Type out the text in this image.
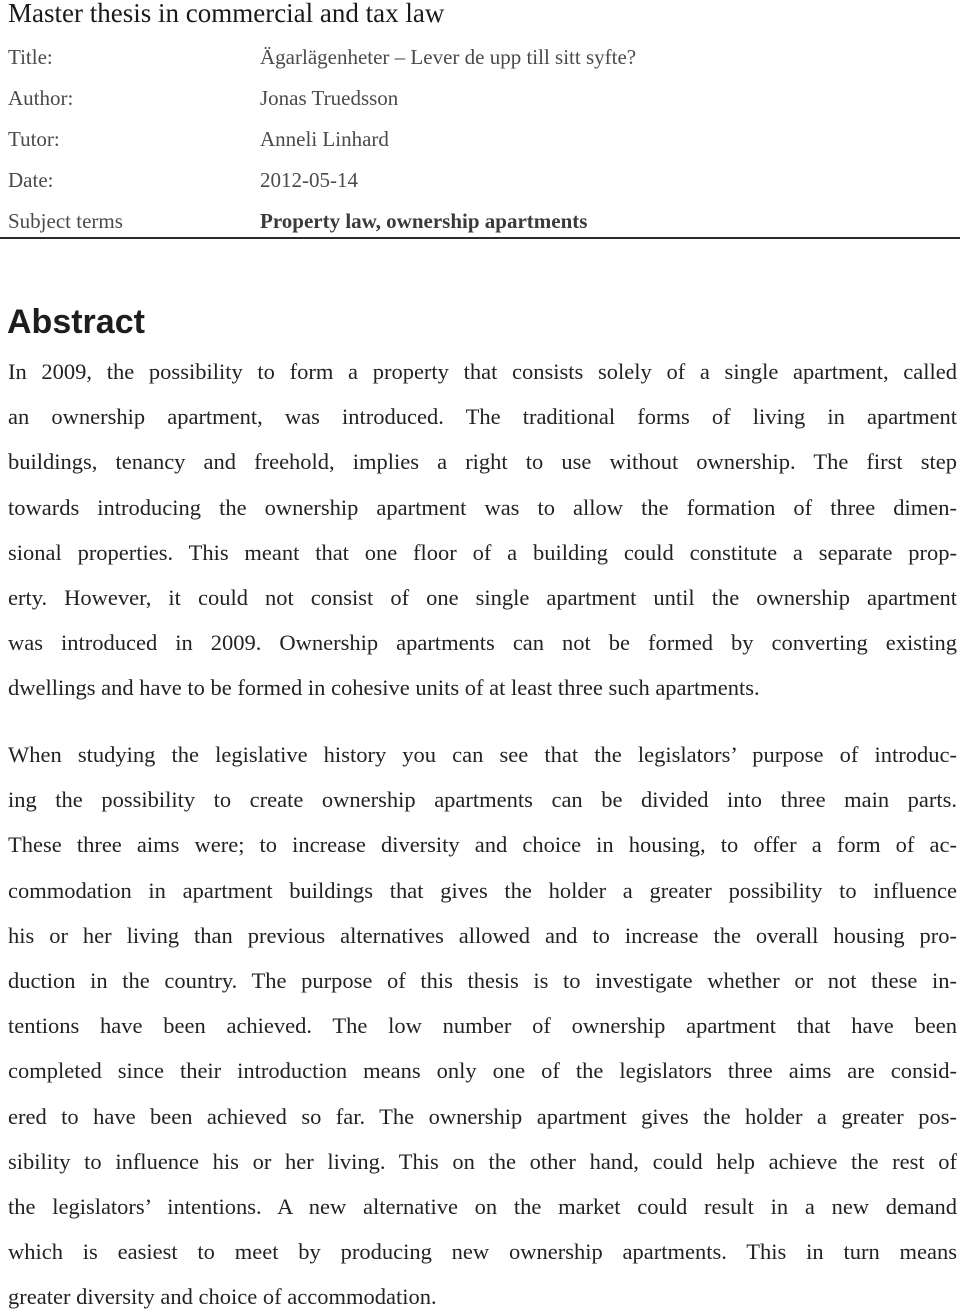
Master thesis in commercial and tax law
Title:	Ägarlägenheter – Lever de upp till sitt syfte?
Author:	Jonas Truedsson
Tutor:	Anneli Linhard
Date:	2012-05-14
Subject terms	Property law, ownership apartments
Abstract
In 2009, the possibility to form a property that consists solely of a single apartment, called
an ownership apartment, was introduced. The traditional forms of living in apartment
buildings, tenancy and freehold, implies a right to use without ownership. The first step
towards introducing the ownership apartment was to allow the formation of three dimen-
sional properties. This meant that one floor of a building could constitute a separate prop-
erty. However, it could not consist of one single apartment until the ownership apartment
was introduced in 2009. Ownership apartments can not be formed by converting existing
dwellings and have to be formed in cohesive units of at least three such apartments.
When studying the legislative history you can see that the legislators’ purpose of introduc-
ing the possibility to create ownership apartments can be divided into three main parts.
These three aims were; to increase diversity and choice in housing, to offer a form of ac-
commodation in apartment buildings that gives the holder a greater possibility to influence
his or her living than previous alternatives allowed and to increase the overall housing pro-
duction in the country. The purpose of this thesis is to investigate whether or not these in-
tentions have been achieved. The low number of ownership apartment that have been
completed since their introduction means only one of the legislators three aims are consid-
ered to have been achieved so far. The ownership apartment gives the holder a greater pos-
sibility to influence his or her living. This on the other hand, could help achieve the rest of
the legislators’ intentions. A new alternative on the market could result in a new demand
which is easiest to meet by producing new ownership apartments. This in turn means
greater diversity and choice of accommodation.
